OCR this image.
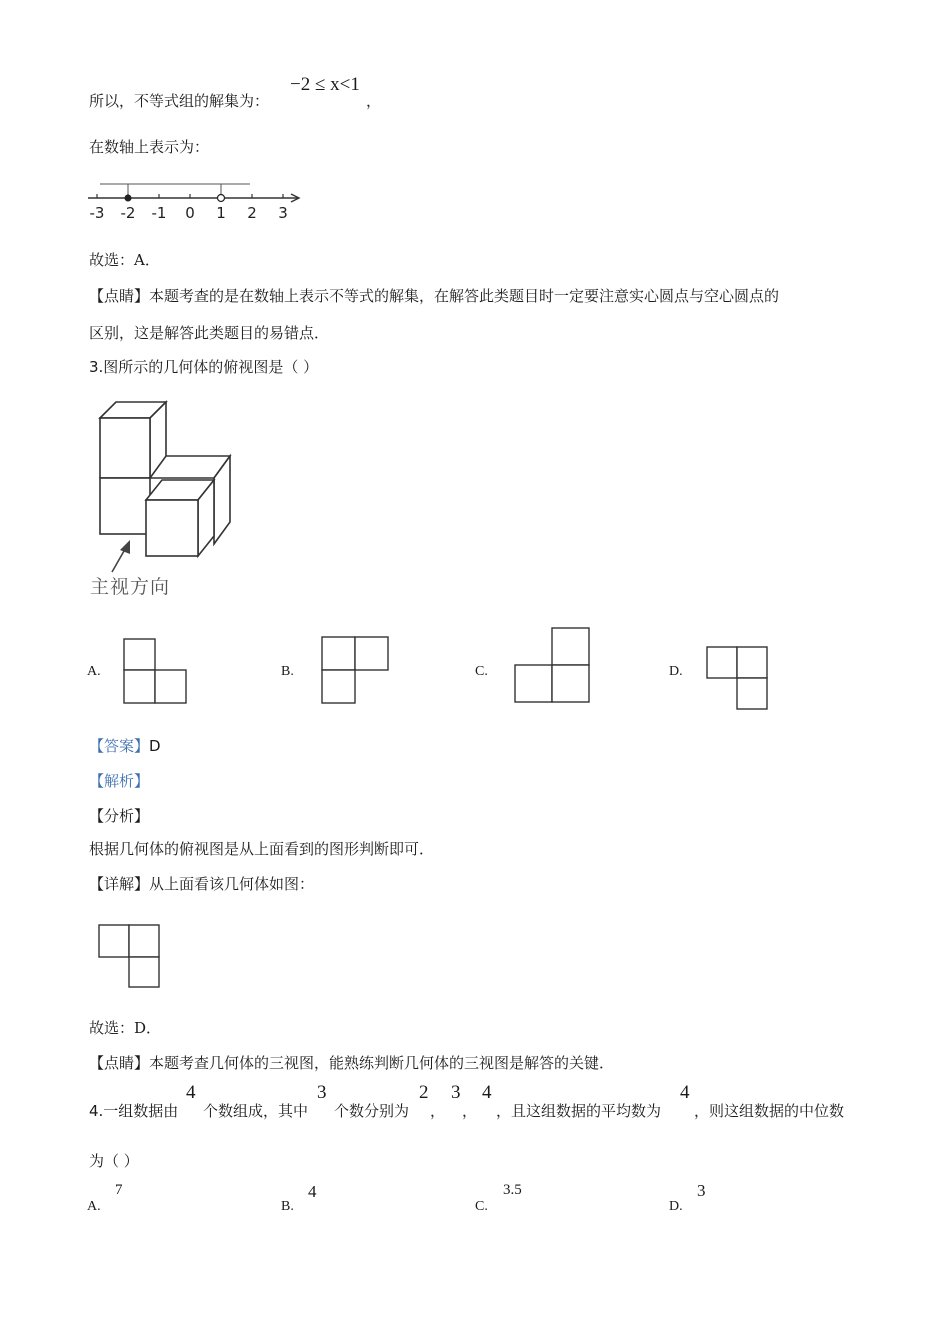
所以，不等式组的解集为：
−2 ≤ x<1
，
在数轴上表示为：
-3 -2 -1 0 1 2 3
故选：A．
【点睛】本题考查的是在数轴上表示不等式的解集，在解答此类题目时一定要注意实心圆点与空心圆点的
区别，这是解答此类题目的易错点．
3.图所示的几何体的俯视图是（ ）
主视方向
A.	B.	C.	D.
【答案】D
【解析】
【分析】
根据几何体的俯视图是从上面看到的图形判断即可．
【详解】从上面看该几何体如图：
故选：D．
【点睛】本题考查几何体的三视图，能熟练判断几何体的三视图是解答的关键．
4.一组数据由
4
个数组成，其中
3
个数分别为
2
，
3
，
4
，且这组数据的平均数为
4
，则这组数据的中位数
为（ ）
A.
7
B.
4
C.
3.5
D.
3
